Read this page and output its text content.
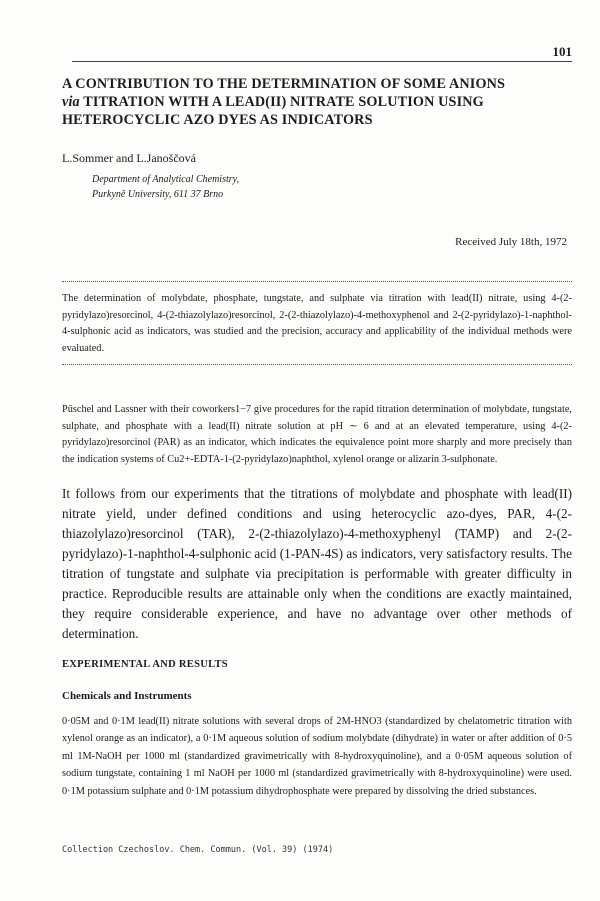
101
A CONTRIBUTION TO THE DETERMINATION OF SOME ANIONS
via TITRATION WITH A LEAD(II) NITRATE SOLUTION USING HETEROCYCLIC AZO DYES AS INDICATORS

L.Sommer and L.Janoščová

Department of Analytical Chemistry,
Purkyně University, 611 37 Brno

Received July 18th, 1972

The determination of molybdate, phosphate, tungstate, and sulphate via titration with lead(II) nitrate, using 4-(2-pyridylazo)resorcinol, 4-(2-thiazolylazo)resorcinol, 2-(2-thiazolylazo)-4-methoxyphenol and 2-(2-pyridylazo)-1-naphthol-4-sulphonic acid as indicators, was studied and the precision, accuracy and applicability of the individual methods were evaluated.

Püschel and Lassner with their coworkers1−7 give procedures for the rapid titration determination of molybdate, tungstate, sulphate, and phosphate with a lead(II) nitrate solution at pH ∼ 6 and at an elevated temperature, using 4-(2-pyridylazo)resorcinol (PAR) as an indicator, which indicates the equivalence point more sharply and more precisely than the indication systems of Cu2+-EDTA-1-(2-pyridylazo)naphthol, xylenol orange or alizarin 3-sulphonate.

It follows from our experiments that the titrations of molybdate and phosphate with lead(II) nitrate yield, under defined conditions and using heterocyclic azo-dyes, PAR, 4-(2-thiazolylazo)resorcinol (TAR), 2-(2-thiazolylazo)-4-methoxyphenyl (TAMP) and 2-(2-pyridylazo)-1-naphthol-4-sulphonic acid (1-PAN-4S) as indicators, very satisfactory results. The titration of tungstate and sulphate via precipitation is performable with greater difficulty in practice. Reproducible results are attainable only when the conditions are exactly maintained, they require considerable experience, and have no advantage over other methods of determination.

EXPERIMENTAL AND RESULTS
Chemicals and Instruments

0·05M and 0·1M lead(II) nitrate solutions with several drops of 2M-HNO3 (standardized by chelatometric titration with xylenol orange as an indicator), a 0·1M aqueous solution of sodium molybdate (dihydrate) in water or after addition of 0·5 ml 1M-NaOH per 1000 ml (standardized gravimetrically with 8-hydroxyquinoline), and a 0·05M aqueous solution of sodium tungstate, containing 1 ml NaOH per 1000 ml (standardized gravimetrically with 8-hydroxyquinoline) were used. 0·1M potassium sulphate and 0·1M potassium dihydrophosphate were prepared by dissolving the dried substances.

Collection Czechoslov. Chem. Commun. (Vol. 39) (1974)
